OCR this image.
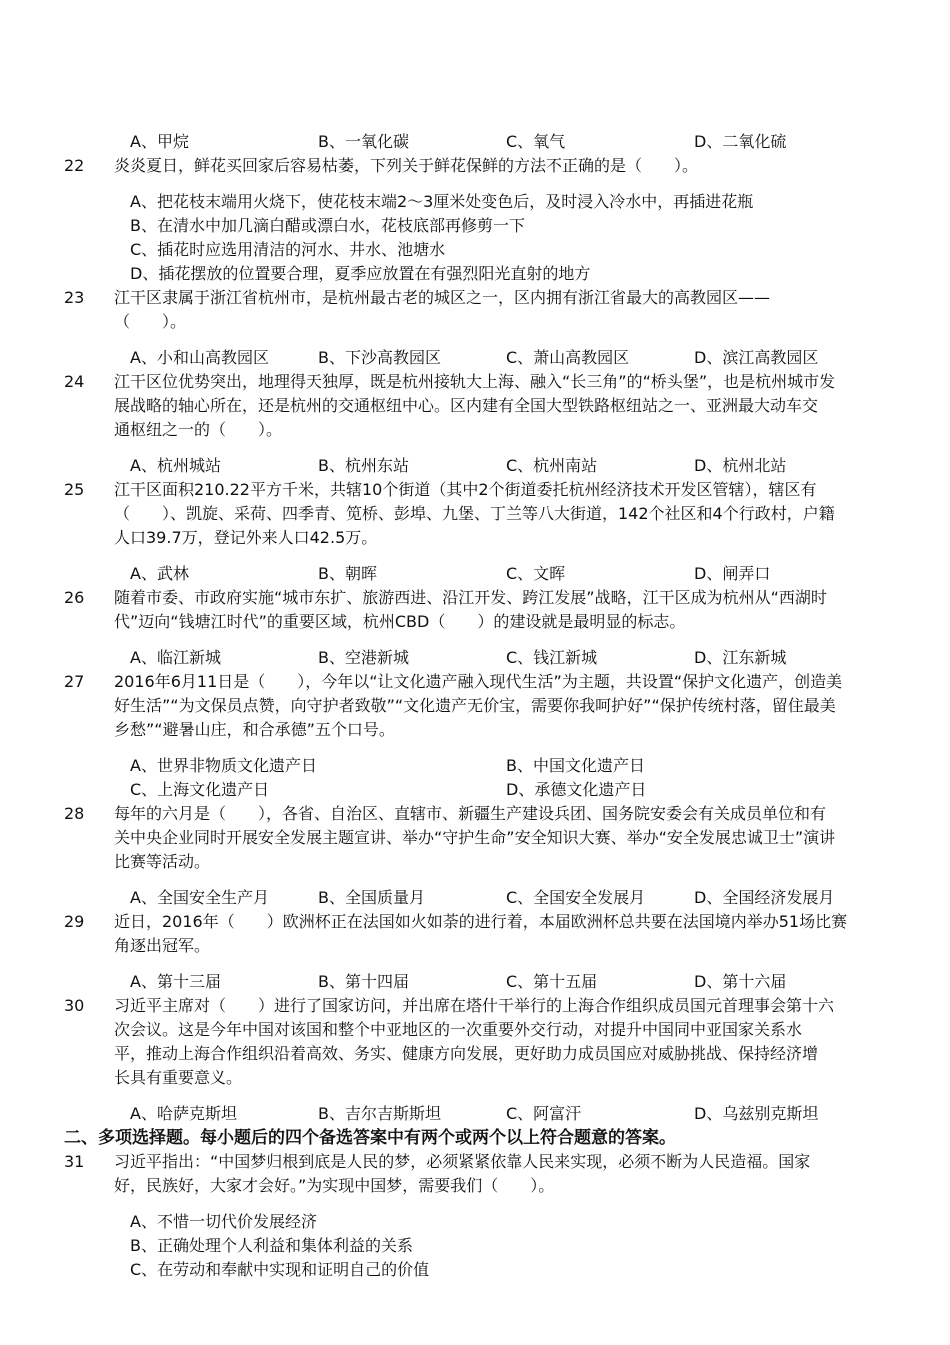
A、甲烷	B、一氧化碳	C、氧气	D、二氧化硫
22 炎炎夏日，鲜花买回家后容易枯萎，下列关于鲜花保鲜的方法不正确的是（　　）。
A、把花枝末端用火烧下，使花枝末端2～3厘米处变色后，及时浸入冷水中，再插进花瓶
B、在清水中加几滴白醋或漂白水，花枝底部再修剪一下
C、插花时应选用清洁的河水、井水、池塘水
D、插花摆放的位置要合理，夏季应放置在有强烈阳光直射的地方
23 江干区隶属于浙江省杭州市，是杭州最古老的城区之一，区内拥有浙江省最大的高教园区——
（　　）。
A、小和山高教园区	B、下沙高教园区	C、萧山高教园区	D、滨江高教园区
24 江干区位优势突出，地理得天独厚，既是杭州接轨大上海、融入“长三角”的“桥头堡”，也是杭州城市发
展战略的轴心所在，还是杭州的交通枢纽中心。区内建有全国大型铁路枢纽站之一、亚洲最大动车交
通枢纽之一的（　　）。
A、杭州城站	B、杭州东站	C、杭州南站	D、杭州北站
25 江干区面积210.22平方千米，共辖10个街道（其中2个街道委托杭州经济技术开发区管辖），辖区有
（　　）、凯旋、采荷、四季青、笕桥、彭埠、九堡、丁兰等八大街道，142个社区和4个行政村，户籍
人口39.7万，登记外来人口42.5万。
A、武林	B、朝晖	C、文晖	D、闸弄口
26 随着市委、市政府实施“城市东扩、旅游西进、沿江开发、跨江发展”战略，江干区成为杭州从“西湖时
代”迈向“钱塘江时代”的重要区域，杭州CBD（　　）的建设就是最明显的标志。
A、临江新城	B、空港新城	C、钱江新城	D、江东新城
27 2016年6月11日是（　　），今年以“让文化遗产融入现代生活”为主题，共设置“保护文化遗产，创造美
好生活”“为文保员点赞，向守护者致敬”“文化遗产无价宝，需要你我呵护好”“保护传统村落，留住最美
乡愁”“避暑山庄，和合承德”五个口号。
A、世界非物质文化遗产日	B、中国文化遗产日
C、上海文化遗产日	D、承德文化遗产日
28 每年的六月是（　　），各省、自治区、直辖市、新疆生产建设兵团、国务院安委会有关成员单位和有
关中央企业同时开展安全发展主题宣讲、举办“守护生命”安全知识大赛、举办“安全发展忠诚卫士”演讲
比赛等活动。
A、全国安全生产月	B、全国质量月	C、全国安全发展月	D、全国经济发展月
29 近日，2016年（　　）欧洲杯正在法国如火如荼的进行着，本届欧洲杯总共要在法国境内举办51场比赛
角逐出冠军。
A、第十三届	B、第十四届	C、第十五届	D、第十六届
30 习近平主席对（　　）进行了国家访问，并出席在塔什干举行的上海合作组织成员国元首理事会第十六
次会议。这是今年中国对该国和整个中亚地区的一次重要外交行动，对提升中国同中亚国家关系水
平，推动上海合作组织沿着高效、务实、健康方向发展，更好助力成员国应对威胁挑战、保持经济增
长具有重要意义。
A、哈萨克斯坦	B、吉尔吉斯斯坦	C、阿富汗	D、乌兹别克斯坦
二、多项选择题。每小题后的四个备选答案中有两个或两个以上符合题意的答案。
31 习近平指出：“中国梦归根到底是人民的梦，必须紧紧依靠人民来实现，必须不断为人民造福。国家
好，民族好，大家才会好。”为实现中国梦，需要我们（　　）。
A、不惜一切代价发展经济
B、正确处理个人利益和集体利益的关系
C、在劳动和奉献中实现和证明自己的价值
